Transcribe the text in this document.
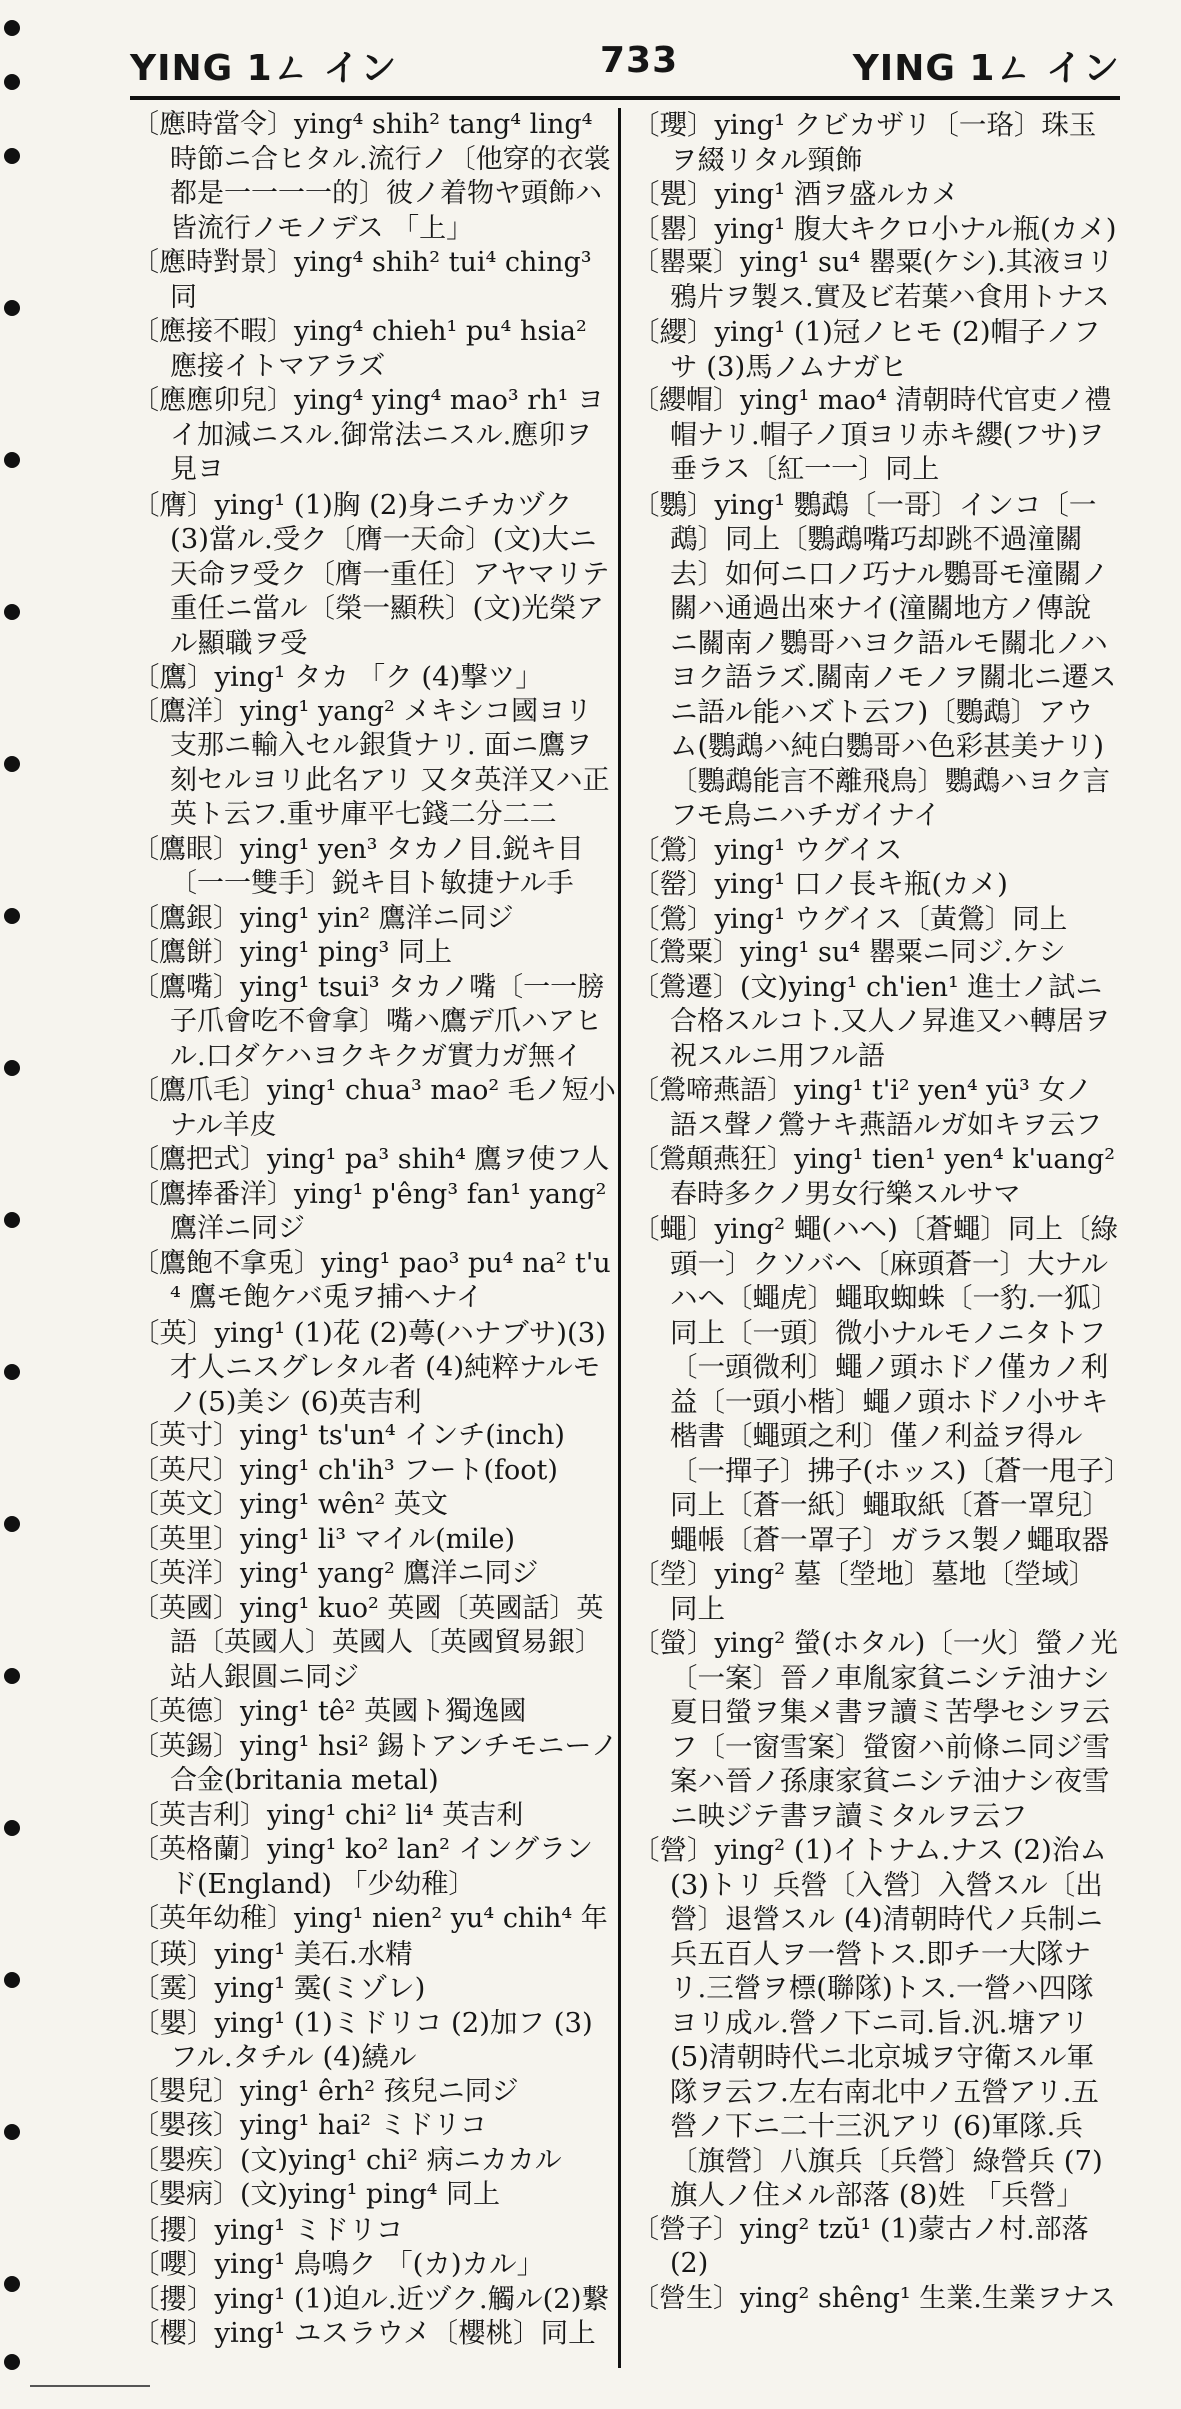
YING 1ㄥ イン	733	YING 1ㄥ イン

〔應時當令〕ying⁴ shih² tang⁴ ling⁴ 時節ニ合ヒタル.流行ノ〔他穿的衣裳都是一一一一的〕彼ノ着物ヤ頭飾ハ皆流行ノモノデス 「上」

〔應時對景〕ying⁴ shih² tui⁴ ching³ 同

〔應接不暇〕ying⁴ chieh¹ pu⁴ hsia² 應接イトマアラズ

〔應應卯兒〕ying⁴ ying⁴ mao³ rh¹ ヨイ加減ニスル.御常法ニスル.應卯ヲ見ヨ

〔膺〕ying¹ (1)胸 (2)身ニチカヅク (3)當ル.受ク〔膺一天命〕(文)大ニ天命ヲ受ク〔膺一重任〕アヤマリテ重任ニ當ル〔榮一顯秩〕(文)光榮アル顯職ヲ受

〔鷹〕ying¹ タカ 「ク (4)撃ツ」

〔鷹洋〕ying¹ yang² メキシコ國ヨリ支那ニ輸入セル銀貨ナリ. 面ニ鷹ヲ刻セルヨリ此名アリ 又タ英洋又ハ正英ト云フ.重サ庫平七錢二分二二

〔鷹眼〕ying¹ yen³ タカノ目.鋭キ目〔一一雙手〕鋭キ目ト敏捷ナル手

〔鷹銀〕ying¹ yin² 鷹洋ニ同ジ

〔鷹餅〕ying¹ ping³ 同上

〔鷹嘴〕ying¹ tsui³ タカノ嘴〔一一膀子爪會吃不會拿〕嘴ハ鷹デ爪ハアヒル.口ダケハヨクキクガ實力ガ無イ

〔鷹爪毛〕ying¹ chua³ mao² 毛ノ短小ナル羊皮

〔鷹把式〕ying¹ pa³ shih⁴ 鷹ヲ使フ人

〔鷹捧番洋〕ying¹ p'êng³ fan¹ yang² 鷹洋ニ同ジ

〔鷹飽不拿兎〕ying¹ pao³ pu⁴ na² t'u⁴ 鷹モ飽ケバ兎ヲ捕ヘナイ

〔英〕ying¹ (1)花 (2)蕚(ハナブサ)(3)才人ニスグレタル者 (4)純粹ナルモノ(5)美シ (6)英吉利

〔英寸〕ying¹ ts'un⁴ インチ(inch)

〔英尺〕ying¹ ch'ih³ フート(foot)

〔英文〕ying¹ wên² 英文

〔英里〕ying¹ li³ マイル(mile)

〔英洋〕ying¹ yang² 鷹洋ニ同ジ

〔英國〕ying¹ kuo² 英國〔英國話〕英語〔英國人〕英國人〔英國貿易銀〕站人銀圓ニ同ジ

〔英德〕ying¹ tê² 英國ト獨逸國

〔英錫〕ying¹ hsi² 錫トアンチモニーノ合金(britania metal)

〔英吉利〕ying¹ chi² li⁴ 英吉利

〔英格蘭〕ying¹ ko² lan² イングランド(England) 「少幼稚〕

〔英年幼稚〕ying¹ nien² yu⁴ chih⁴ 年

〔瑛〕ying¹ 美石.水精

〔霙〕ying¹ 霙(ミゾレ)

〔嬰〕ying¹ (1)ミドリコ (2)加フ (3)フル.タチル (4)繞ル

〔嬰兒〕ying¹ êrh² 孩兒ニ同ジ

〔嬰孩〕ying¹ hai² ミドリコ

〔嬰疾〕(文)ying¹ chi² 病ニカカル

〔嬰病〕(文)ying¹ ping⁴ 同上

〔攖〕ying¹ ミドリコ

〔嚶〕ying¹ 鳥鳴ク 「(カ)カル」

〔攖〕ying¹ (1)迫ル.近ヅク.觸ル(2)繋

〔櫻〕ying¹ ユスラウメ〔櫻桃〕同上

〔瓔〕ying¹ クビカザリ〔一珞〕珠玉ヲ綴リタル頸飾

〔甖〕ying¹ 酒ヲ盛ルカメ

〔罌〕ying¹ 腹大キクロ小ナル瓶(カメ)

〔罌粟〕ying¹ su⁴ 罌粟(ケシ).其液ヨリ鴉片ヲ製ス.實及ビ若葉ハ食用トナス

〔纓〕ying¹ (1)冠ノヒモ (2)帽子ノフサ (3)馬ノムナガヒ

〔纓帽〕ying¹ mao⁴ 清朝時代官吏ノ禮帽ナリ.帽子ノ頂ヨリ赤キ纓(フサ)ヲ垂ラス〔紅一一〕同上

〔鸚〕ying¹ 鸚鵡〔一哥〕インコ〔一鵡〕同上〔鸚鵡嘴巧却跳不過潼關去〕如何ニ口ノ巧ナル鸚哥モ潼關ノ關ハ通過出來ナイ(潼關地方ノ傳說ニ關南ノ鸚哥ハヨク語ルモ關北ノハヨク語ラズ.關南ノモノヲ關北ニ遷スニ語ル能ハズト云フ)〔鸚鵡〕アウム(鸚鵡ハ純白鸚哥ハ色彩甚美ナリ)〔鸚鵡能言不離飛鳥〕鸚鵡ハヨク言フモ鳥ニハチガイナイ

〔鶯〕ying¹ ウグイス

〔罃〕ying¹ 口ノ長キ瓶(カメ)

〔鶯〕ying¹ ウグイス〔黃鶯〕同上

〔鶯粟〕ying¹ su⁴ 罌粟ニ同ジ.ケシ

〔鶯遷〕(文)ying¹ ch'ien¹ 進士ノ試ニ合格スルコト.又人ノ昇進又ハ轉居ヲ祝スルニ用フル語

〔鶯啼燕語〕ying¹ t'i² yen⁴ yü³ 女ノ語ス聲ノ鶯ナキ燕語ルガ如キヲ云フ

〔鶯顛燕狂〕ying¹ tien¹ yen⁴ k'uang² 春時多クノ男女行樂スルサマ

〔蠅〕ying² 蠅(ハヘ)〔蒼蠅〕同上〔綠頭一〕クソバヘ〔麻頭蒼一〕大ナルハヘ〔蠅虎〕蠅取蜘蛛〔一豹.一狐〕同上〔一頭〕微小ナルモノニタトフ〔一頭微利〕蠅ノ頭ホドノ僅カノ利益〔一頭小楷〕蠅ノ頭ホドノ小サキ楷書〔蠅頭之利〕僅ノ利益ヲ得ル〔一撣子〕拂子(ホッス)〔蒼一甩子〕同上〔蒼一紙〕蠅取紙〔蒼一罩兒〕蠅帳〔蒼一罩子〕ガラス製ノ蠅取器

〔塋〕ying² 墓〔塋地〕墓地〔塋域〕同上

〔螢〕ying² 螢(ホタル)〔一火〕螢ノ光〔一案〕晉ノ車胤家貧ニシテ油ナシ夏日螢ヲ集メ書ヲ讀ミ苦學セシヲ云フ〔一窗雪案〕螢窗ハ前條ニ同ジ雪案ハ晉ノ孫康家貧ニシテ油ナシ夜雪ニ映ジテ書ヲ讀ミタルヲ云フ

〔營〕ying² (1)イトナム.ナス (2)治ム (3)トリ 兵營〔入營〕入營スル〔出營〕退營スル (4)清朝時代ノ兵制ニ兵五百人ヲ一營トス.即チ一大隊ナリ.三營ヲ標(聯隊)トス.一營ハ四隊ヨリ成ル.營ノ下ニ司.旨.汎.塘アリ (5)清朝時代ニ北京城ヲ守衛スル軍隊ヲ云フ.左右南北中ノ五營アリ.五營ノ下ニ二十三汎アリ (6)軍隊.兵〔旗營〕八旗兵〔兵營〕綠營兵 (7)旗人ノ住メル部落 (8)姓 「兵營」

〔營子〕ying² tzŭ¹ (1)蒙古ノ村.部落 (2)

〔營生〕ying² shêng¹ 生業.生業ヲナス
